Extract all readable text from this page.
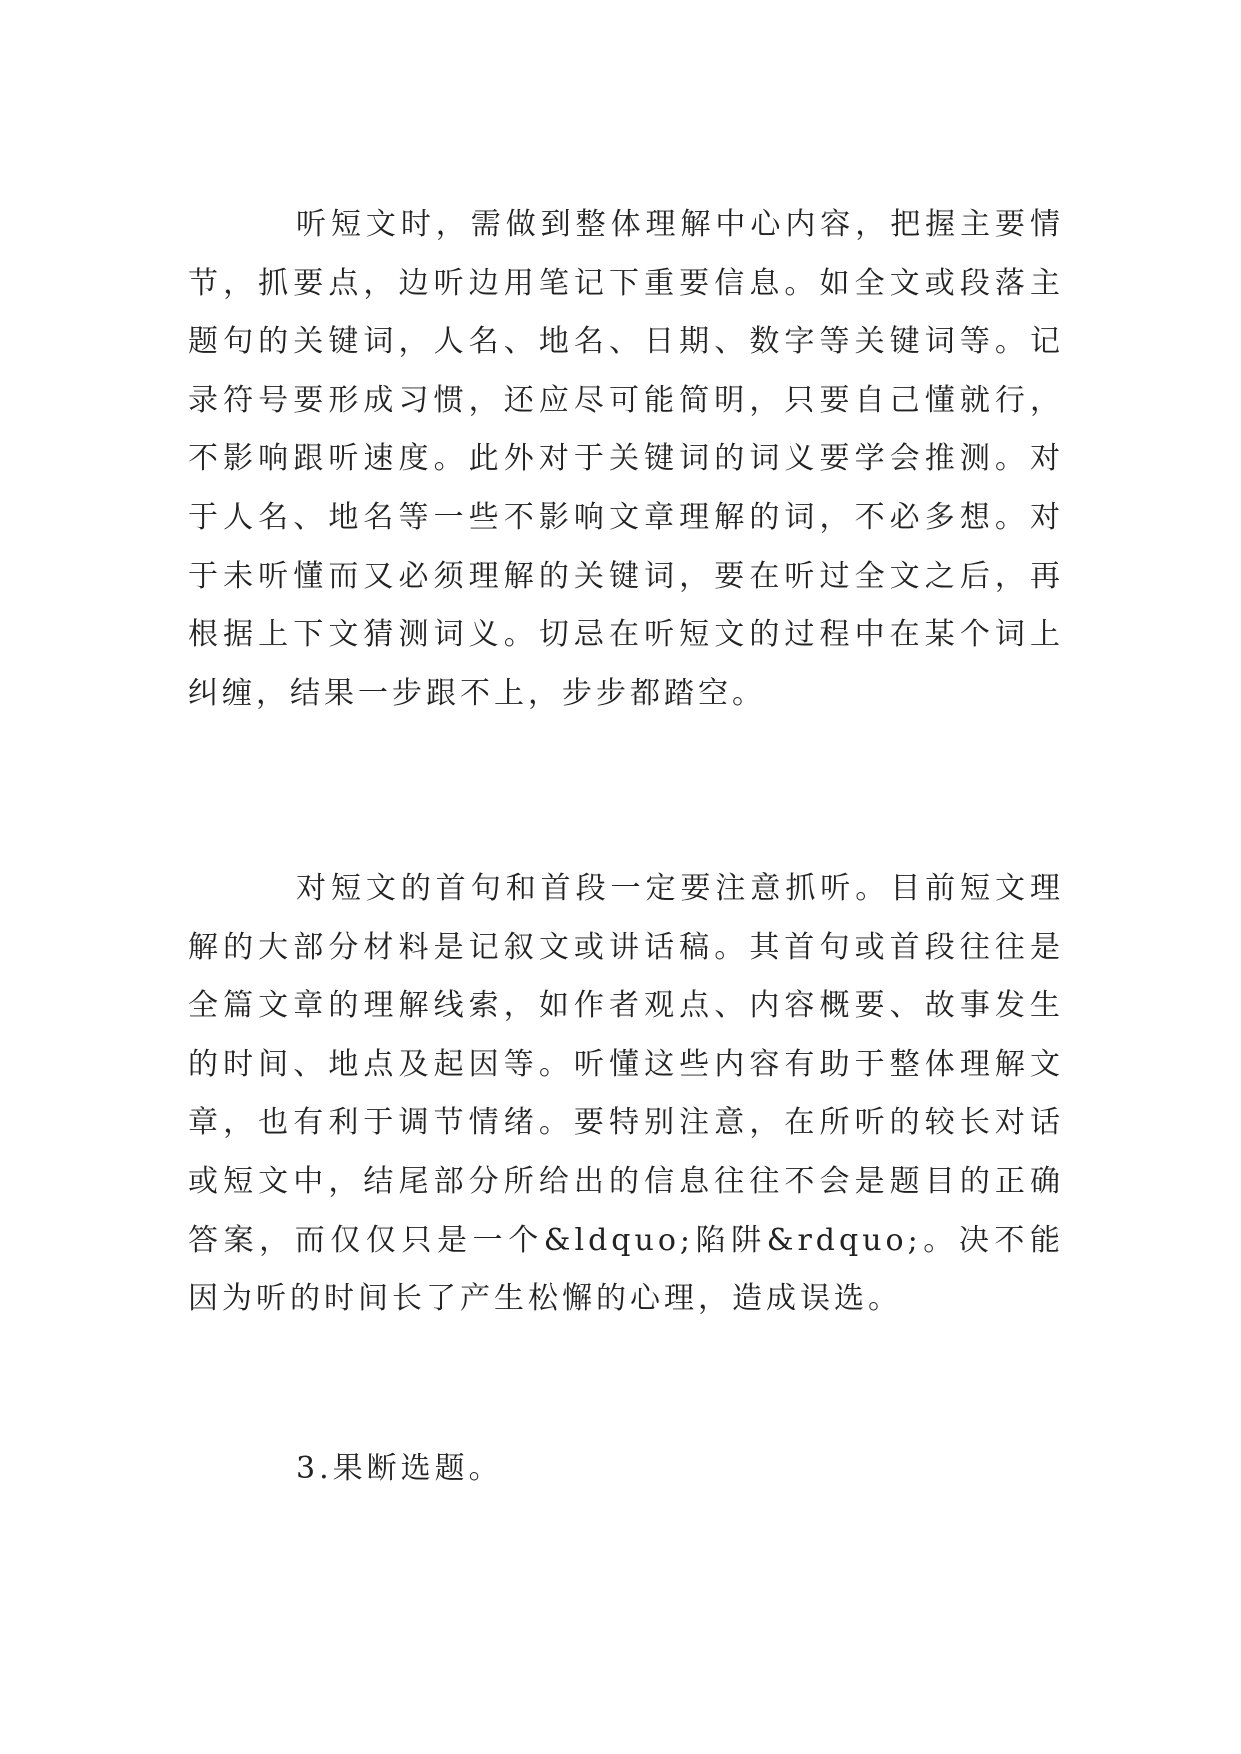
听短文时，需做到整体理解中心内容，把握主要情节，抓要点，边听边用笔记下重要信息。如全文或段落主题句的关键词，人名、地名、日期、数字等关键词等。记录符号要形成习惯，还应尽可能简明，只要自己懂就行，不影响跟听速度。此外对于关键词的词义要学会推测。对于人名、地名等一些不影响文章理解的词，不必多想。对于未听懂而又必须理解的关键词，要在听过全文之后，再根据上下文猜测词义。切忌在听短文的过程中在某个词上纠缠，结果一步跟不上，步步都踏空。

对短文的首句和首段一定要注意抓听。目前短文理解的大部分材料是记叙文或讲话稿。其首句或首段往往是全篇文章的理解线索，如作者观点、内容概要、故事发生的时间、地点及起因等。听懂这些内容有助于整体理解文章，也有利于调节情绪。要特别注意，在所听的较长对话或短文中，结尾部分所给出的信息往往不会是题目的正确答案，而仅仅只是一个&ldquo;陷阱&rdquo;。决不能因为听的时间长了产生松懈的心理，造成误选。

3.果断选题。
